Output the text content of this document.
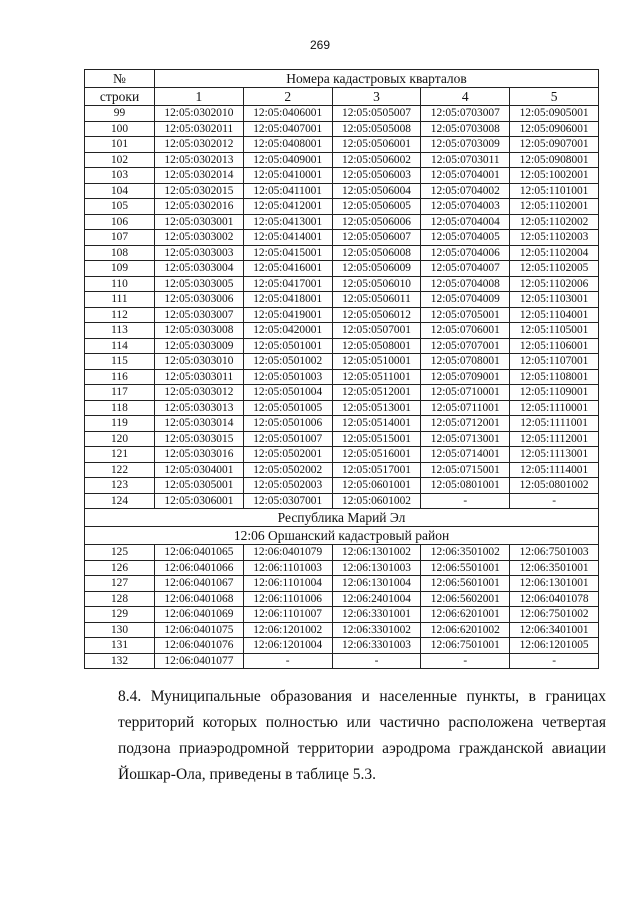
269
№	Номера кадастровых кварталов				
строки	1	2	3	4	5
99	12:05:0302010	12:05:0406001	12:05:0505007	12:05:0703007	12:05:0905001
100	12:05:0302011	12:05:0407001	12:05:0505008	12:05:0703008	12:05:0906001
101	12:05:0302012	12:05:0408001	12:05:0506001	12:05:0703009	12:05:0907001
102	12:05:0302013	12:05:0409001	12:05:0506002	12:05:0703011	12:05:0908001
103	12:05:0302014	12:05:0410001	12:05:0506003	12:05:0704001	12:05:1002001
104	12:05:0302015	12:05:0411001	12:05:0506004	12:05:0704002	12:05:1101001
105	12:05:0302016	12:05:0412001	12:05:0506005	12:05:0704003	12:05:1102001
106	12:05:0303001	12:05:0413001	12:05:0506006	12:05:0704004	12:05:1102002
107	12:05:0303002	12:05:0414001	12:05:0506007	12:05:0704005	12:05:1102003
108	12:05:0303003	12:05:0415001	12:05:0506008	12:05:0704006	12:05:1102004
109	12:05:0303004	12:05:0416001	12:05:0506009	12:05:0704007	12:05:1102005
110	12:05:0303005	12:05:0417001	12:05:0506010	12:05:0704008	12:05:1102006
111	12:05:0303006	12:05:0418001	12:05:0506011	12:05:0704009	12:05:1103001
112	12:05:0303007	12:05:0419001	12:05:0506012	12:05:0705001	12:05:1104001
113	12:05:0303008	12:05:0420001	12:05:0507001	12:05:0706001	12:05:1105001
114	12:05:0303009	12:05:0501001	12:05:0508001	12:05:0707001	12:05:1106001
115	12:05:0303010	12:05:0501002	12:05:0510001	12:05:0708001	12:05:1107001
116	12:05:0303011	12:05:0501003	12:05:0511001	12:05:0709001	12:05:1108001
117	12:05:0303012	12:05:0501004	12:05:0512001	12:05:0710001	12:05:1109001
118	12:05:0303013	12:05:0501005	12:05:0513001	12:05:0711001	12:05:1110001
119	12:05:0303014	12:05:0501006	12:05:0514001	12:05:0712001	12:05:1111001
120	12:05:0303015	12:05:0501007	12:05:0515001	12:05:0713001	12:05:1112001
121	12:05:0303016	12:05:0502001	12:05:0516001	12:05:0714001	12:05:1113001
122	12:05:0304001	12:05:0502002	12:05:0517001	12:05:0715001	12:05:1114001
123	12:05:0305001	12:05:0502003	12:05:0601001	12:05:0801001	12:05:0801002
124	12:05:0306001	12:05:0307001	12:05:0601002	-	-
Республика Марий Эл					
12:06 Оршанский кадастровый район					
125	12:06:0401065	12:06:0401079	12:06:1301002	12:06:3501002	12:06:7501003
126	12:06:0401066	12:06:1101003	12:06:1301003	12:06:5501001	12:06:3501001
127	12:06:0401067	12:06:1101004	12:06:1301004	12:06:5601001	12:06:1301001
128	12:06:0401068	12:06:1101006	12:06:2401004	12:06:5602001	12:06:0401078
129	12:06:0401069	12:06:1101007	12:06:3301001	12:06:6201001	12:06:7501002
130	12:06:0401075	12:06:1201002	12:06:3301002	12:06:6201002	12:06:3401001
131	12:06:0401076	12:06:1201004	12:06:3301003	12:06:7501001	12:06:1201005
132	12:06:0401077	-	-	-	-
8.4. Муниципальные образования и населенные пункты, в границах территорий которых полностью или частично расположена четвертая подзона приаэродромной территории аэродрома гражданской авиации Йошкар-Ола, приведены в таблице 5.3.
